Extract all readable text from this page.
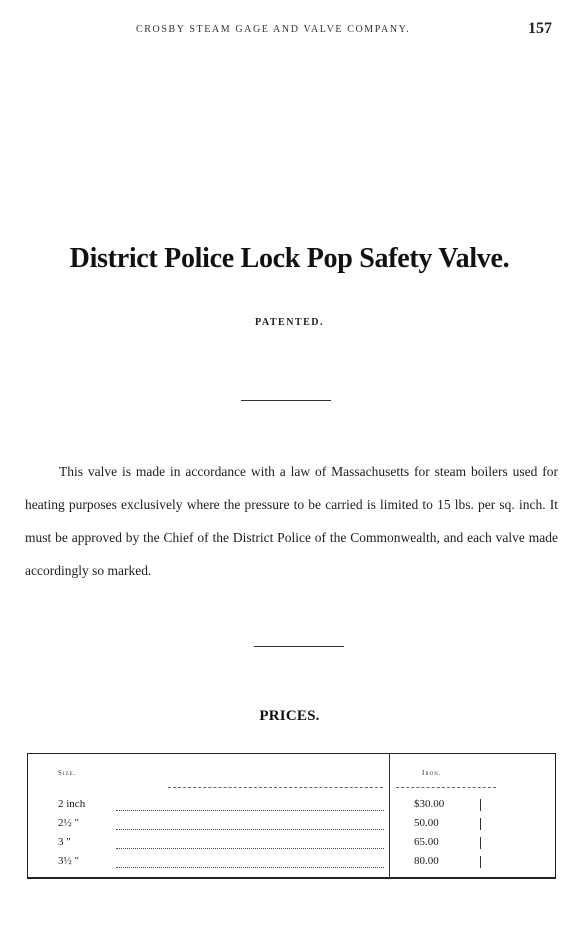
CROSBY STEAM GAGE AND VALVE COMPANY.	157
District Police Lock Pop Safety Valve.
PATENTED.

This valve is made in accordance with a law of Massachusetts for steam boilers used for heating purposes exclusively where the pressure to be carried is limited to 15 lbs. per sq. inch. It must be approved by the Chief of the District Police of the Commonwealth, and each valve made accordingly so marked.

PRICES.
Size.	Iron.
2 inch	$30.00
2½ "	50.00
3 "	65.00
3½ "	80.00
